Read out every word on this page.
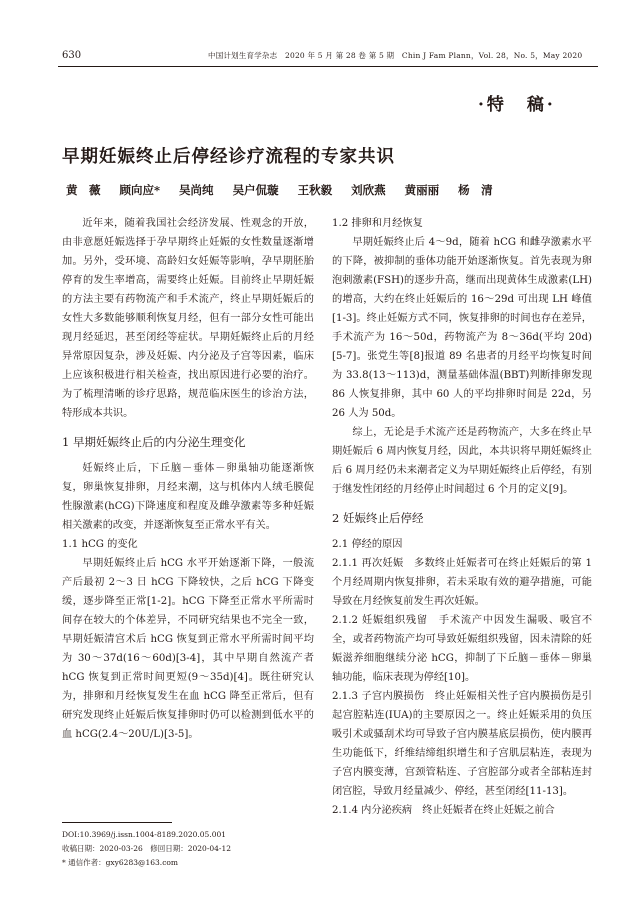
630	中国计划生育学杂志　2020 年 5 月 第 28 卷 第 5 期　Chin J Fam Plann，Vol. 28，No. 5，May 2020
·特　稿·
早期妊娠终止后停经诊疗流程的专家共识
黄　薇 顾向应* 吴尚纯 吴户侃璇 王秋毅 刘欣燕 黄丽丽 杨　清

近年来，随着我国社会经济发展、性观念的开放，由非意愿妊娠选择于孕早期终止妊娠的女性数量逐渐增加。另外，受环境、高龄妇女妊娠等影响，孕早期胚胎停育的发生率增高，需要终止妊娠。目前终止早期妊娠的方法主要有药物流产和手术流产，终止早期妊娠后的女性大多数能够顺利恢复月经，但有一部分女性可能出现月经延迟，甚至闭经等症状。早期妊娠终止后的月经异常原因复杂，涉及妊娠、内分泌及子宫等因素，临床上应该积极进行相关检查，找出原因进行必要的治疗。为了梳理清晰的诊疗思路，规范临床医生的诊治方法，特形成本共识。

1 早期妊娠终止后的内分泌生理变化

妊娠终止后，下丘脑－垂体－卵巢轴功能逐渐恢复，卵巢恢复排卵，月经来潮，这与机体内人绒毛膜促性腺激素(hCG)下降速度和程度及雌孕激素等多种妊娠相关激素的改变，并逐渐恢复至正常水平有关。

1.1 hCG 的变化

早期妊娠终止后 hCG 水平开始逐渐下降，一般流产后最初 2～3 日 hCG 下降较快，之后 hCG 下降变缓，逐步降至正常[1-2]。hCG 下降至正常水平所需时间存在较大的个体差异，不同研究结果也不完全一致，早期妊娠清宫术后 hCG 恢复到正常水平所需时间平均为 30～37d(16～60d)[3-4]，其中早期自然流产者 hCG 恢复到正常时间更短(9～35d)[4]。既往研究认为，排卵和月经恢复发生在血 hCG 降至正常后，但有研究发现终止妊娠后恢复排卵时仍可以检测到低水平的血 hCG(2.4～20U/L)[3-5]。

1.2 排卵和月经恢复

早期妊娠终止后 4～9d，随着 hCG 和雌孕激素水平的下降，被抑制的垂体功能开始逐渐恢复。首先表现为卵泡刺激素(FSH)的逐步升高，继而出现黄体生成激素(LH)的增高，大约在终止妊娠后的 16～29d 可出现 LH 峰值[1-3]。终止妊娠方式不同，恢复排卵的时间也存在差异，手术流产为 16～50d，药物流产为 8～36d(平均 20d)[5-7]。张党生等[8]报道 89 名患者的月经平均恢复时间为 33.8(13～113)d，测量基础体温(BBT)判断排卵发现 86 人恢复排卵，其中 60 人的平均排卵时间是 22d，另 26 人为 50d。

综上，无论是手术流产还是药物流产，大多在终止早期妊娠后 6 周内恢复月经，因此，本共识将早期妊娠终止后 6 周月经仍未来潮者定义为早期妊娠终止后停经，有别于继发性闭经的月经停止时间超过 6 个月的定义[9]。

2 妊娠终止后停经
2.1 停经的原因

2.1.1 再次妊娠　 多数终止妊娠者可在终止妊娠后的第 1 个月经周期内恢复排卵，若未采取有效的避孕措施，可能导致在月经恢复前发生再次妊娠。

2.1.2 妊娠组织残留　 手术流产中因发生漏吸、吸宫不全，或者药物流产均可导致妊娠组织残留，因未清除的妊娠滋养细胞继续分泌 hCG，抑制了下丘脑－垂体－卵巢轴功能，临床表现为停经[10]。

2.1.3 子宫内膜损伤　 终止妊娠相关性子宫内膜损伤是引起宫腔粘连(IUA)的主要原因之一。终止妊娠采用的负压吸引术或骚刮术均可导致子宫内膜基底层损伤，使内膜再生功能低下，纤维结缔组织增生和子宫肌层粘连，表现为子宫内膜变薄，宫颈管粘连、子宫腔部分或者全部粘连封闭宫腔，导致月经量减少、停经，甚至闭经[11-13]。

2.1.4 内分泌疾病　 终止妊娠者在终止妊娠之前合

DOI:10.3969/j.issn.1004-8189.2020.05.001
收稿日期：2020-03-26　修回日期：2020-04-12
* 通信作者：gxy6283@163.com
